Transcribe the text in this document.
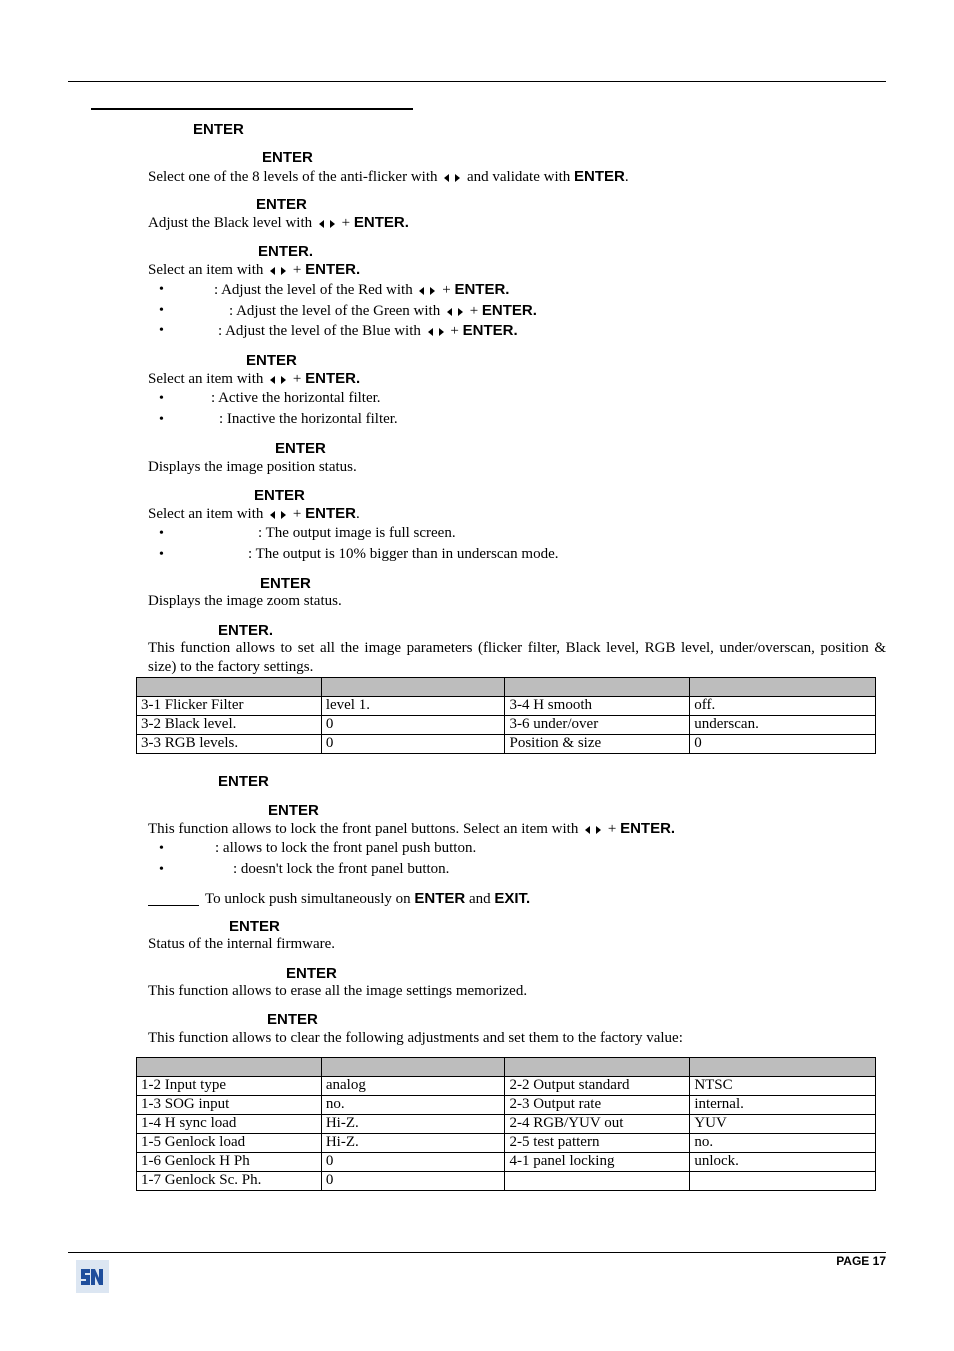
ENTER
ENTER
Select one of the 8 levels of the anti-flicker with and validate with ENTER.
ENTER
Adjust the Black level with  + ENTER.
ENTER.
Select an item with  + ENTER.
•	: Adjust the level of the Red with  + ENTER.
•	: Adjust the level of the Green with  + ENTER.
•	: Adjust the level of the Blue with  + ENTER.
ENTER
Select an item with  + ENTER.
•	: Active the horizontal filter.
•	: Inactive the horizontal filter.
ENTER
Displays the image position status.
ENTER
Select an item with  + ENTER.
•	: The output image is full screen.
•	: The output is 10% bigger than in underscan mode.
ENTER
Displays the image zoom status.
ENTER.
This function allows to set all the image parameters (flicker filter, Black level, RGB level, under/overscan, position & size) to the factory settings.

3-1 Flicker Filter	level 1.	3-4 H smooth	off.
3-2 Black level.	0	3-6 under/over	underscan.
3-3 RGB levels.	0	Position & size	0
ENTER
ENTER
This function allows to lock the front panel buttons. Select an item with  + ENTER.
•	: allows to lock the front panel push button.
•	: doesn't lock the front panel button.
To unlock push simultaneously on ENTER and EXIT.
ENTER
Status of the internal firmware.
ENTER
This function allows to erase all the image settings memorized.
ENTER
This function allows to clear the following adjustments and set them to the factory value:

1-2 Input type	analog	2-2 Output standard	NTSC
1-3 SOG input	no.	2-3 Output rate	internal.
1-4 H sync load	Hi-Z.	2-4 RGB/YUV out	YUV
1-5 Genlock load	Hi-Z.	2-5 test pattern	no.
1-6 Genlock H Ph	0	4-1 panel locking	unlock.
1-7 Genlock Sc. Ph.	0		
PAGE 17
